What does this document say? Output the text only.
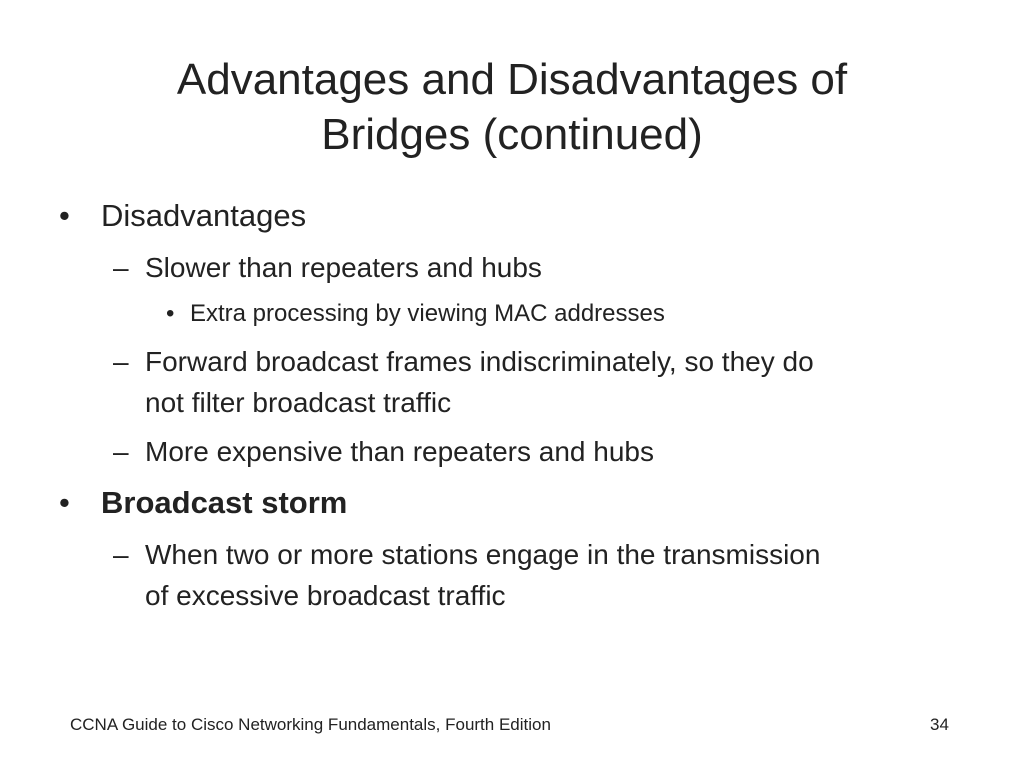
Advantages and Disadvantages of
Bridges (continued)
• Disadvantages
– Slower than repeaters and hubs
• Extra processing by viewing MAC addresses
– Forward broadcast frames indiscriminately, so they do
not filter broadcast traffic
– More expensive than repeaters and hubs
• Broadcast storm
– When two or more stations engage in the transmission
of excessive broadcast traffic
CCNA Guide to Cisco Networking Fundamentals, Fourth Edition	34
